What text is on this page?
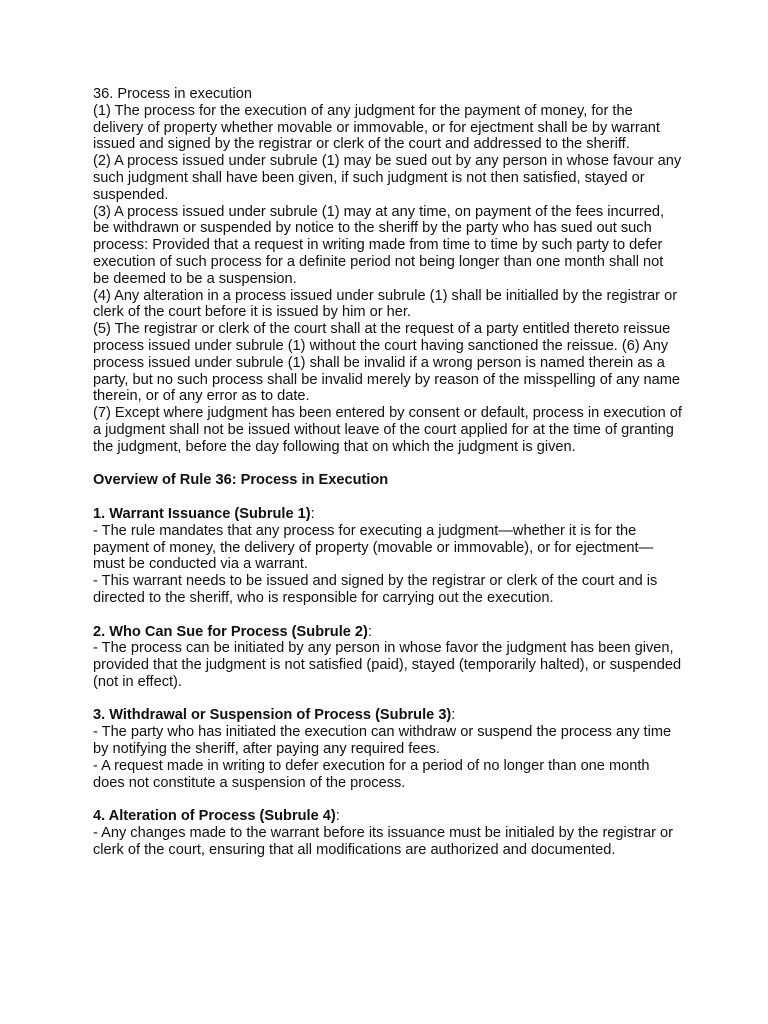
36. Process in execution

(1) The process for the execution of any judgment for the payment of money, for the delivery of property whether movable or immovable, or for ejectment shall be by warrant issued and signed by the registrar or clerk of the court and addressed to the sheriff.

(2) A process issued under subrule (1) may be sued out by any person in whose favour any such judgment shall have been given, if such judgment is not then satisfied, stayed or suspended.

(3) A process issued under subrule (1) may at any time, on payment of the fees incurred, be withdrawn or suspended by notice to the sheriff by the party who has sued out such process: Provided that a request in writing made from time to time by such party to defer execution of such process for a definite period not being longer than one month shall not be deemed to be a suspension.

(4) Any alteration in a process issued under subrule (1) shall be initialled by the registrar or clerk of the court before it is issued by him or her.

(5) The registrar or clerk of the court shall at the request of a party entitled thereto reissue process issued under subrule (1) without the court having sanctioned the reissue. (6) Any process issued under subrule (1) shall be invalid if a wrong person is named therein as a party, but no such process shall be invalid merely by reason of the misspelling of any name therein, or of any error as to date.

(7) Except where judgment has been entered by consent or default, process in execution of a judgment shall not be issued without leave of the court applied for at the time of granting the judgment, before the day following that on which the judgment is given.

Overview of Rule 36: Process in Execution

1. Warrant Issuance (Subrule 1):

- The rule mandates that any process for executing a judgment—whether it is for the payment of money, the delivery of property (movable or immovable), or for ejectment—must be conducted via a warrant.

- This warrant needs to be issued and signed by the registrar or clerk of the court and is directed to the sheriff, who is responsible for carrying out the execution.

2. Who Can Sue for Process (Subrule 2):

- The process can be initiated by any person in whose favor the judgment has been given, provided that the judgment is not satisfied (paid), stayed (temporarily halted), or suspended (not in effect).

3. Withdrawal or Suspension of Process (Subrule 3):

- The party who has initiated the execution can withdraw or suspend the process any time by notifying the sheriff, after paying any required fees.

- A request made in writing to defer execution for a period of no longer than one month does not constitute a suspension of the process.

4. Alteration of Process (Subrule 4):

- Any changes made to the warrant before its issuance must be initialed by the registrar or clerk of the court, ensuring that all modifications are authorized and documented.
